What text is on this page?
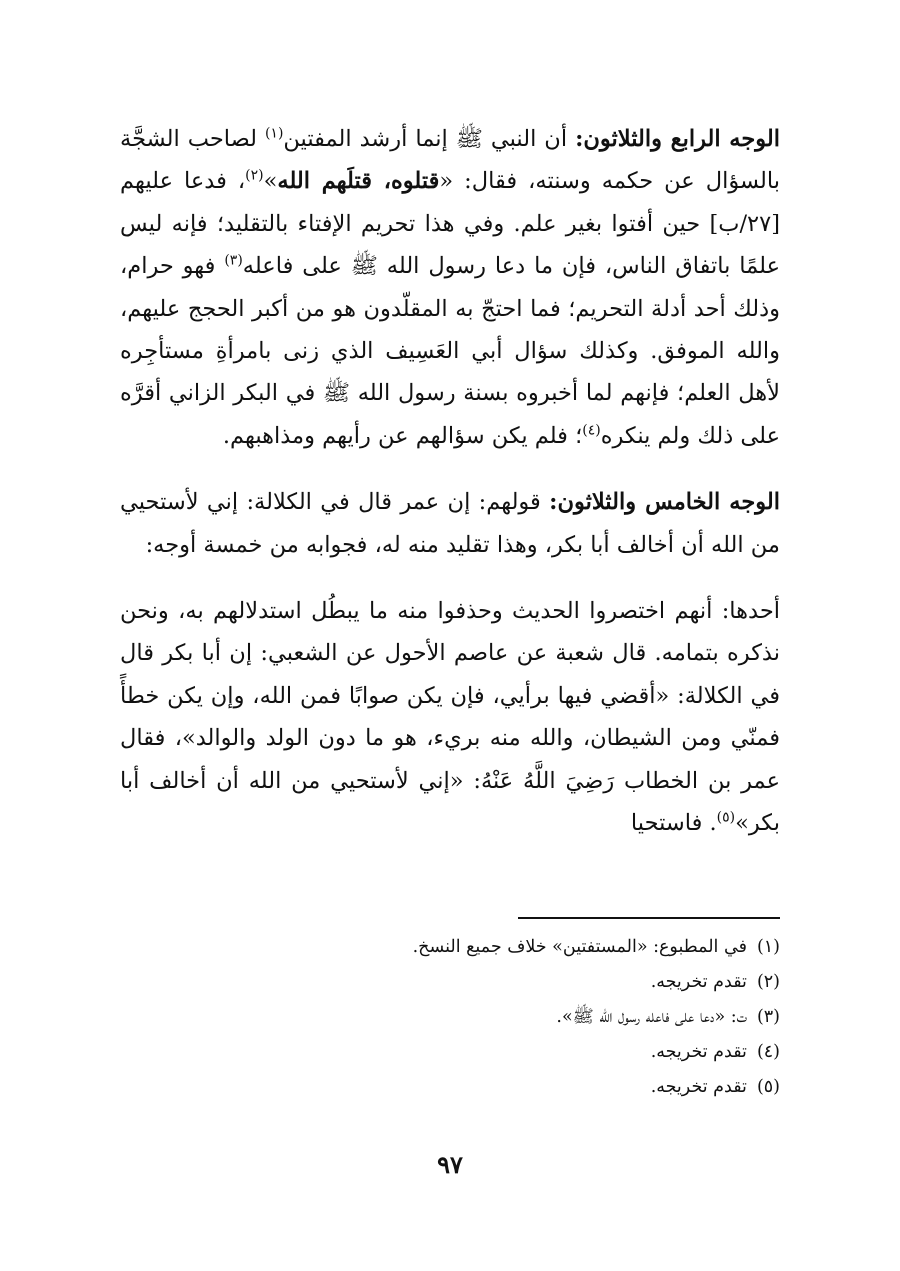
الوجه الرابع والثلاثون: أن النبي ﷺ إنما أرشد المفتين$^{(١)}$ لصاحب الشجَّة بالسؤال عن حكمه وسنته، فقال: «قتلوه، قتلَهم الله»$^{(٢)}$، فدعا عليهم [٢٧/ب] حين أفتوا بغير علم. وفي هذا تحريم الإفتاء بالتقليد؛ فإنه ليس علمًا باتفاق الناس، فإن ما دعا رسول الله ﷺ على فاعله$^{(٣)}$ فهو حرام، وذلك أحد أدلة التحريم؛ فما احتجّ به المقلّدون هو من أكبر الحجج عليهم، والله الموفق. وكذلك سؤال أبي العَسِيف الذي زنى بامرأةِ مستأجِره لأهل العلم؛ فإنهم لما أخبروه بسنة رسول الله ﷺ في البكر الزاني أقرَّه على ذلك ولم ينكره$^{(٤)}$؛ فلم يكن سؤالهم عن رأيهم ومذاهبهم.

الوجه الخامس والثلاثون: قولهم: إن عمر قال في الكلالة: إني لأستحيي من الله أن أخالف أبا بكر، وهذا تقليد منه له، فجوابه من خمسة أوجه:

أحدها: أنهم اختصروا الحديث وحذفوا منه ما يبطُل استدلالهم به، ونحن نذكره بتمامه. قال شعبة عن عاصم الأحول عن الشعبي: إن أبا بكر قال في الكلالة: «أقضي فيها برأيي، فإن يكن صوابًا فمن الله، وإن يكن خطأً فمنّي ومن الشيطان، والله منه بريء، هو ما دون الولد والوالد»، فقال عمر بن الخطاب رَضِيَ اللَّهُ عَنْهُ: «إني لأستحيي من الله أن أخالف أبا بكر»$^{(٥)}$. فاستحيا

(١)في المطبوع: «المستفتين» خلاف جميع النسخ.

(٢)تقدم تخريجه.

(٣)ت: «دعا على فاعله رسول الله ﷺ».

(٤)تقدم تخريجه.

(٥)تقدم تخريجه.

٩٧
